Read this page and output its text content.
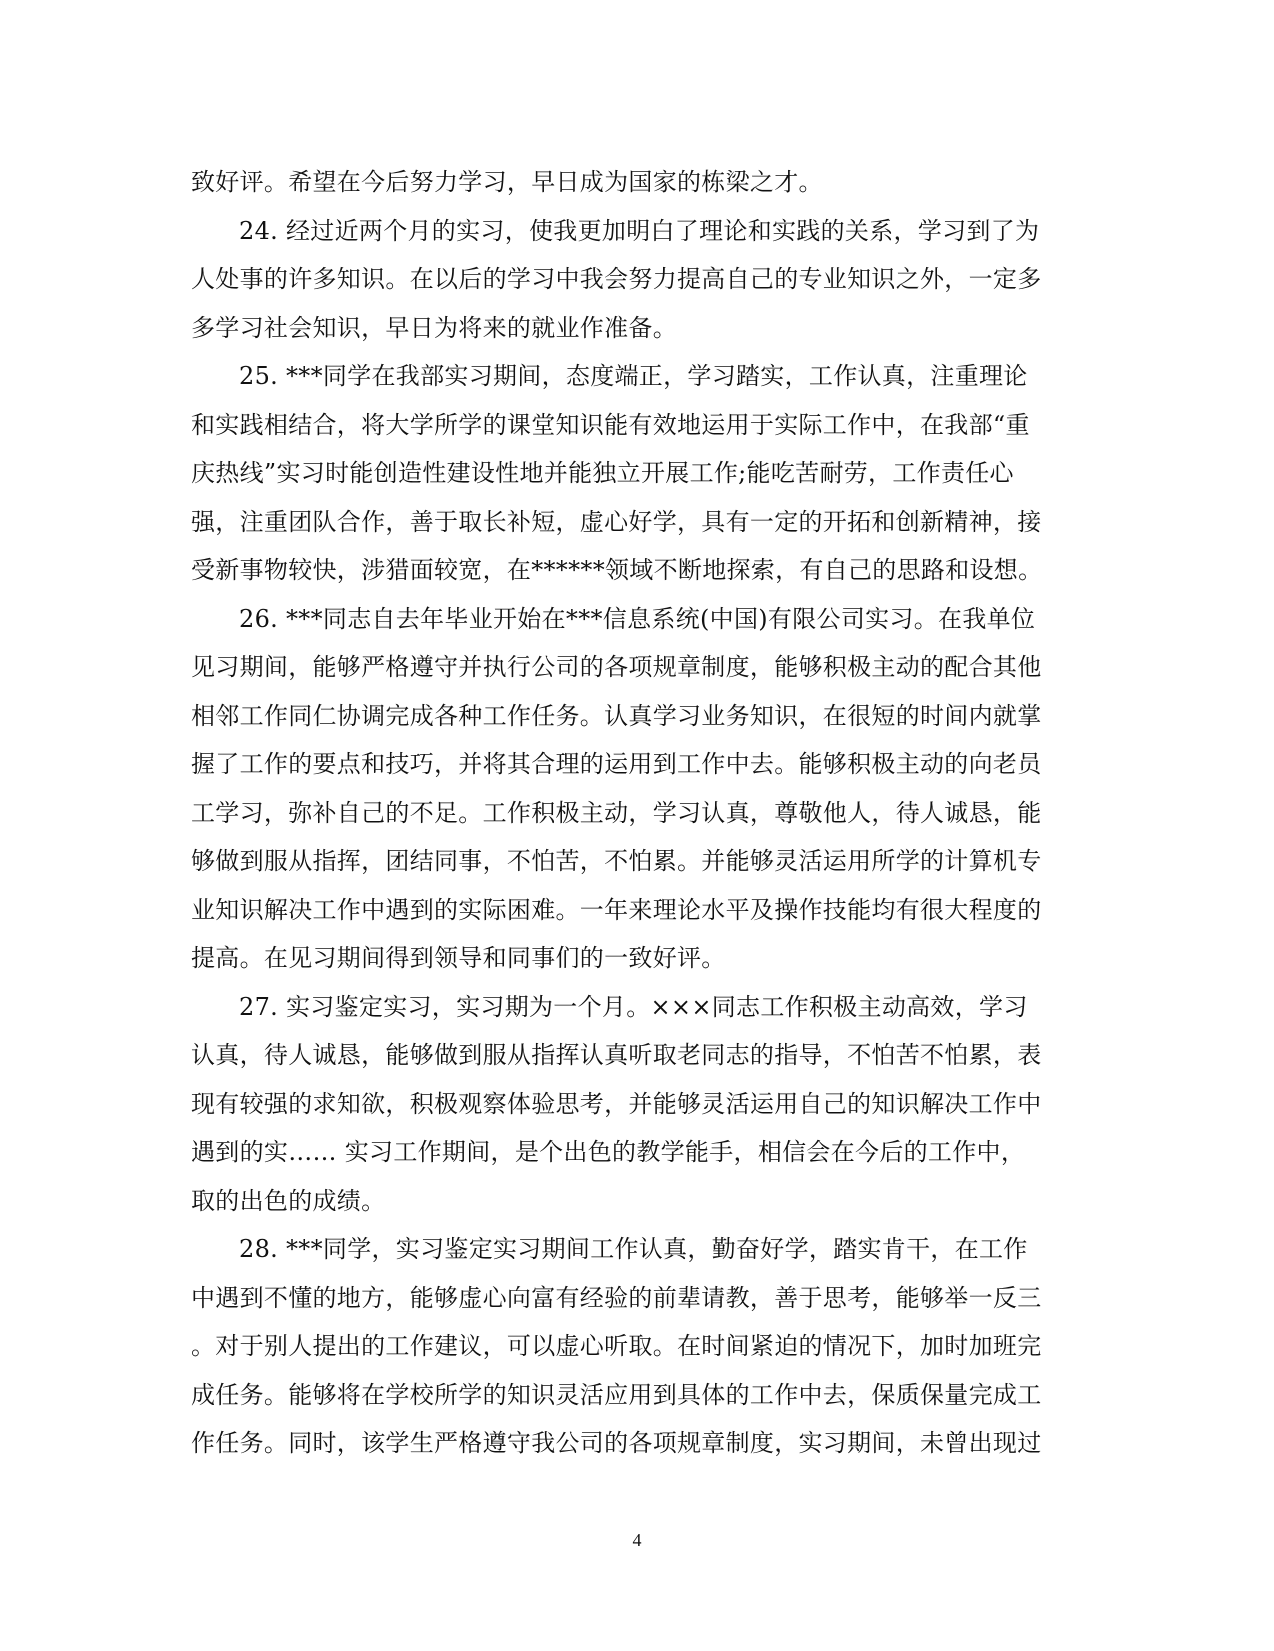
致好评。希望在今后努力学习，早日成为国家的栋梁之才。
24. 经过近两个月的实习，使我更加明白了理论和实践的关系，学习到了为
人处事的许多知识。在以后的学习中我会努力提高自己的专业知识之外，一定多
多学习社会知识，早日为将来的就业作准备。
25. ***同学在我部实习期间，态度端正，学习踏实，工作认真，注重理论
和实践相结合，将大学所学的课堂知识能有效地运用于实际工作中，在我部“重
庆热线”实习时能创造性建设性地并能独立开展工作;能吃苦耐劳，工作责任心
强，注重团队合作，善于取长补短，虚心好学，具有一定的开拓和创新精神，接
受新事物较快，涉猎面较宽，在******领域不断地探索，有自己的思路和设想。
26. ***同志自去年毕业开始在***信息系统(中国)有限公司实习。在我单位
见习期间，能够严格遵守并执行公司的各项规章制度，能够积极主动的配合其他
相邻工作同仁协调完成各种工作任务。认真学习业务知识，在很短的时间内就掌
握了工作的要点和技巧，并将其合理的运用到工作中去。能够积极主动的向老员
工学习，弥补自己的不足。工作积极主动，学习认真，尊敬他人，待人诚恳，能
够做到服从指挥，团结同事，不怕苦，不怕累。并能够灵活运用所学的计算机专
业知识解决工作中遇到的实际困难。一年来理论水平及操作技能均有很大程度的
提高。在见习期间得到领导和同事们的一致好评。
27. 实习鉴定实习，实习期为一个月。×××同志工作积极主动高效，学习
认真，待人诚恳，能够做到服从指挥认真听取老同志的指导，不怕苦不怕累，表
现有较强的求知欲，积极观察体验思考，并能够灵活运用自己的知识解决工作中
遇到的实…… 实习工作期间，是个出色的教学能手，相信会在今后的工作中，
取的出色的成绩。
28. ***同学，实习鉴定实习期间工作认真，勤奋好学，踏实肯干，在工作
中遇到不懂的地方，能够虚心向富有经验的前辈请教，善于思考，能够举一反三
。对于别人提出的工作建议，可以虚心听取。在时间紧迫的情况下，加时加班完
成任务。能够将在学校所学的知识灵活应用到具体的工作中去，保质保量完成工
作任务。同时，该学生严格遵守我公司的各项规章制度，实习期间，未曾出现过
4
